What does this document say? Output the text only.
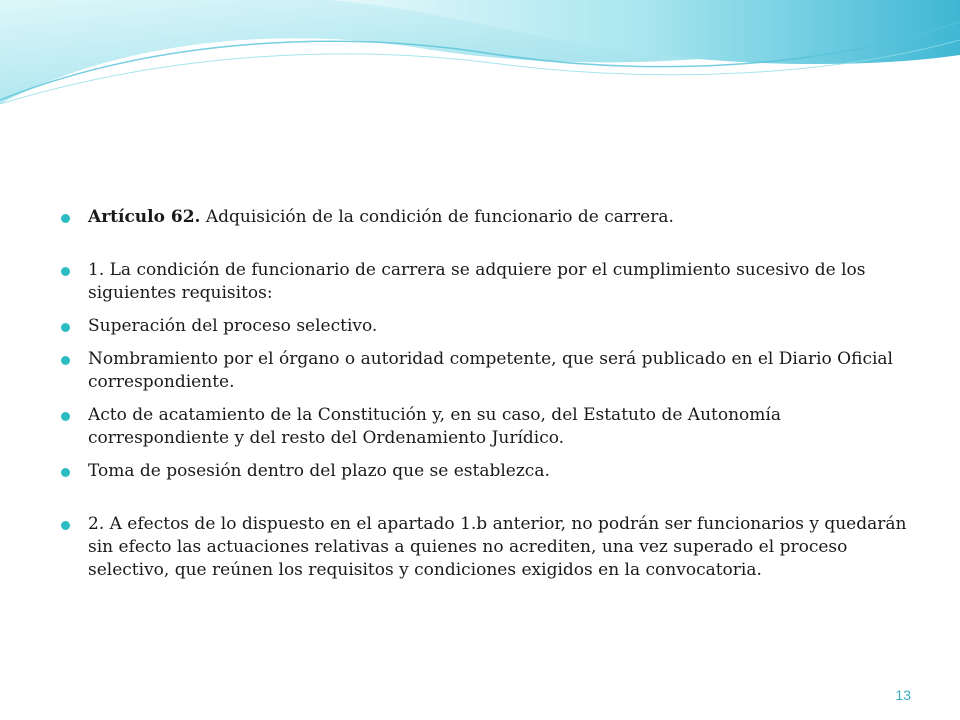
Artículo 62. Adquisición de la condición de funcionario de carrera.
1. La condición de funcionario de carrera se adquiere por el cumplimiento sucesivo de los siguientes requisitos:
Superación del proceso selectivo.
Nombramiento por el órgano o autoridad competente, que será publicado en el Diario Oficial correspondiente.
Acto de acatamiento de la Constitución y, en su caso, del Estatuto de Autonomía correspondiente y del resto del Ordenamiento Jurídico.
Toma de posesión dentro del plazo que se establezca.
2. A efectos de lo dispuesto en el apartado 1.b anterior, no podrán ser funcionarios y quedarán sin efecto las actuaciones relativas a quienes no acrediten, una vez superado el proceso selectivo, que reúnen los requisitos y condiciones exigidos en la convocatoria.
13
